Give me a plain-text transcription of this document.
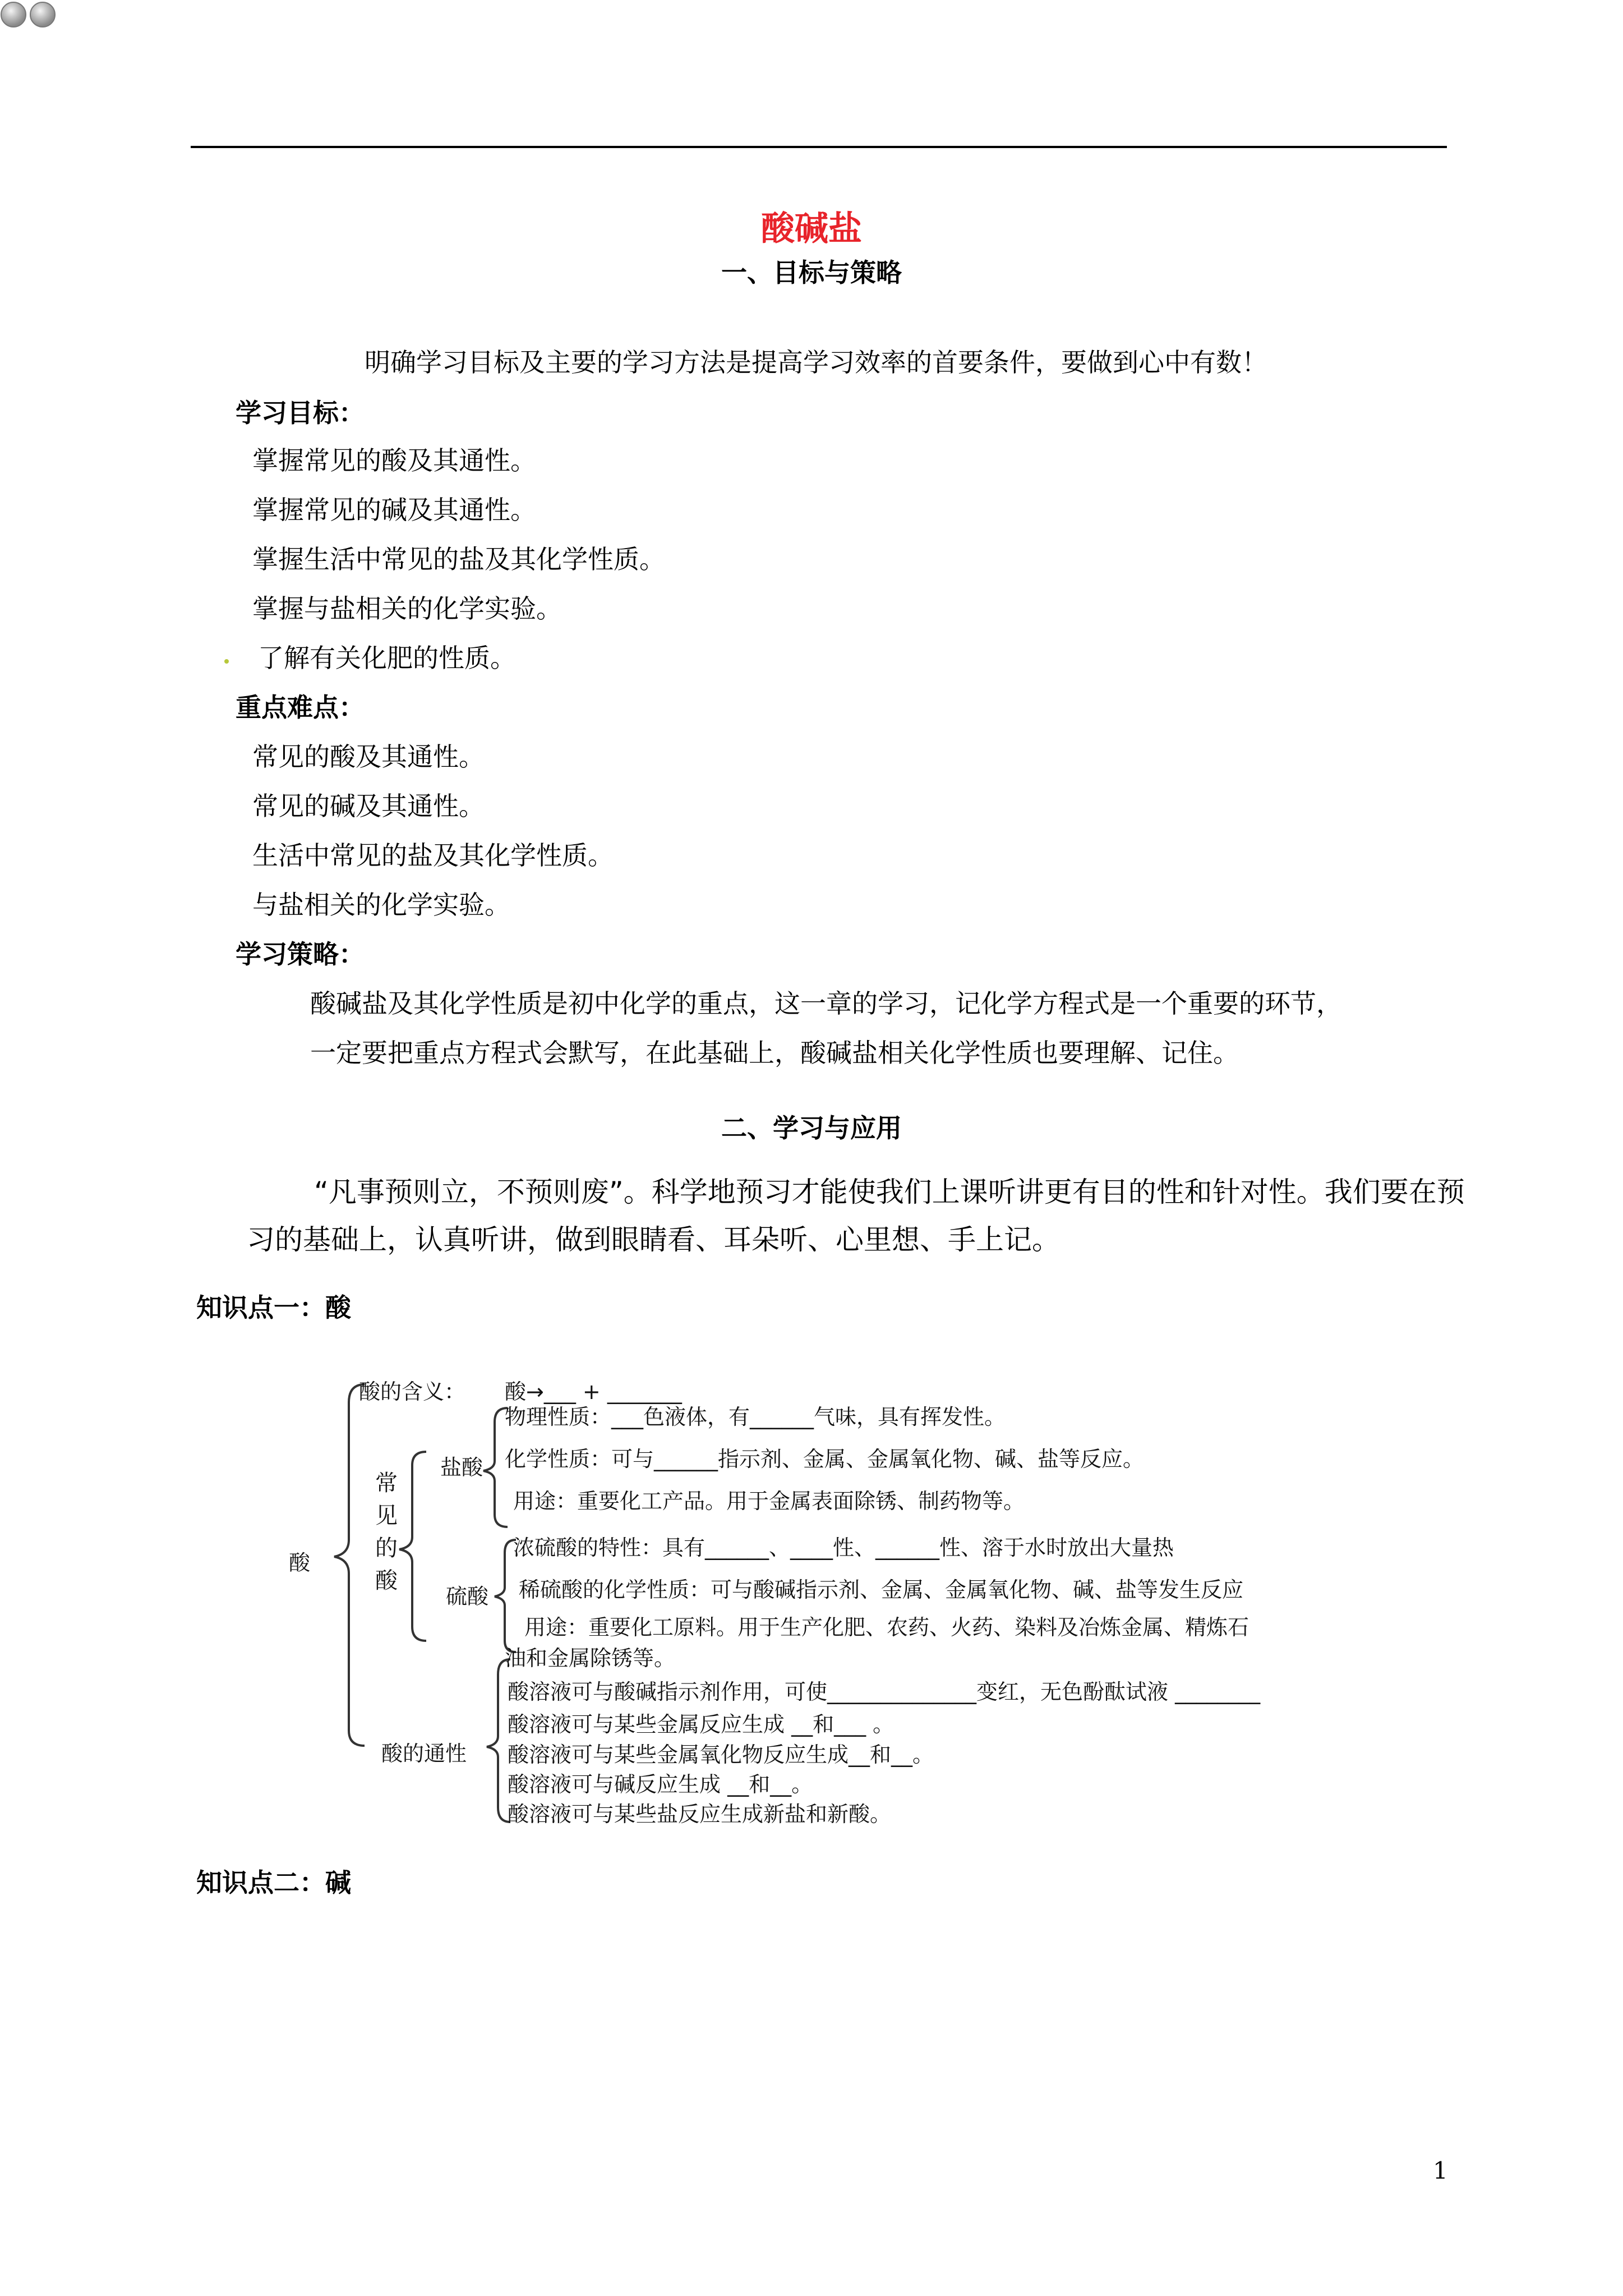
酸碱盐
一、目标与策略
明确学习目标及主要的学习方法是提高学习效率的首要条件，要做到心中有数！
学习目标：
掌握常见的酸及其通性。
掌握常见的碱及其通性。
掌握生活中常见的盐及其化学性质。
掌握与盐相关的化学实验。
了解有关化肥的性质。
重点难点：
常见的酸及其通性。
常见的碱及其通性。
生活中常见的盐及其化学性质。
与盐相关的化学实验。
学习策略：
酸碱盐及其化学性质是初中化学的重点，这一章的学习，记化学方程式是一个重要的环节，
一定要把重点方程式会默写，在此基础上，酸碱盐相关化学性质也要理解、记住。
二、学习与应用
“凡事预则立，不预则废”。科学地预习才能使我们上课听讲更有目的性和针对性。我们要在预
习的基础上，认真听讲，做到眼睛看、耳朵听、心里想、手上记。
知识点一：酸
酸
酸的含义： 酸→___ + _______
常见的酸
盐酸
物理性质：___色液体，有______气味，具有挥发性。
化学性质：可与______指示剂、金属、金属氧化物、碱、盐等反应。
用途：重要化工产品。用于金属表面除锈、制药物等。
硫酸
浓硫酸的特性：具有______、____性、______性、溶于水时放出大量热
稀硫酸的化学性质：可与酸碱指示剂、金属、金属氧化物、碱、盐等发生反应
用途：重要化工原料。用于生产化肥、农药、火药、染料及冶炼金属、精炼石
油和金属除锈等。
酸的通性
酸溶液可与酸碱指示剂作用，可使______________变红，无色酚酞试液 ________
酸溶液可与某些金属反应生成 __和___ 。
酸溶液可与某些金属氧化物反应生成__和__。
酸溶液可与碱反应生成 __和__。
酸溶液可与某些盐反应生成新盐和新酸。
知识点二：碱
1
